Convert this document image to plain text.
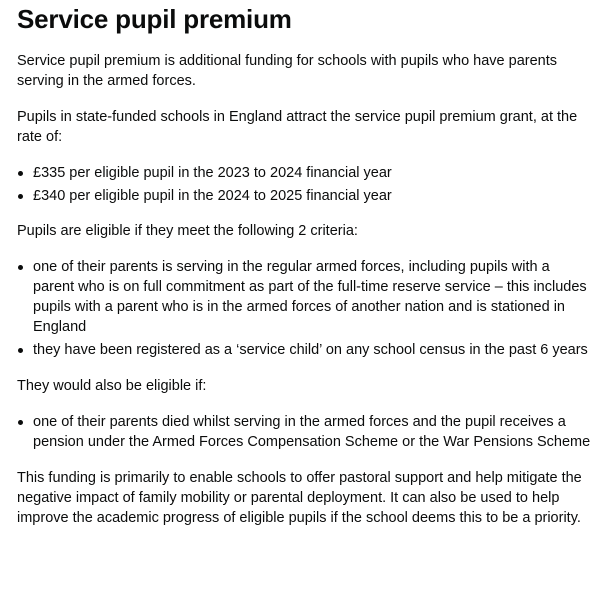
Service pupil premium

Service pupil premium is additional funding for schools with pupils who have parents serving in the armed forces.

Pupils in state-funded schools in England attract the service pupil premium grant, at the rate of:

£335 per eligible pupil in the 2023 to 2024 financial year
£340 per eligible pupil in the 2024 to 2025 financial year

Pupils are eligible if they meet the following 2 criteria:

one of their parents is serving in the regular armed forces, including pupils with a parent who is on full commitment as part of the full-time reserve service – this includes pupils with a parent who is in the armed forces of another nation and is stationed in England
they have been registered as a ‘service child’ on any school census in the past 6 years

They would also be eligible if:

one of their parents died whilst serving in the armed forces and the pupil receives a pension under the Armed Forces Compensation Scheme or the War Pensions Scheme

This funding is primarily to enable schools to offer pastoral support and help mitigate the negative impact of family mobility or parental deployment. It can also be used to help improve the academic progress of eligible pupils if the school deems this to be a priority.
